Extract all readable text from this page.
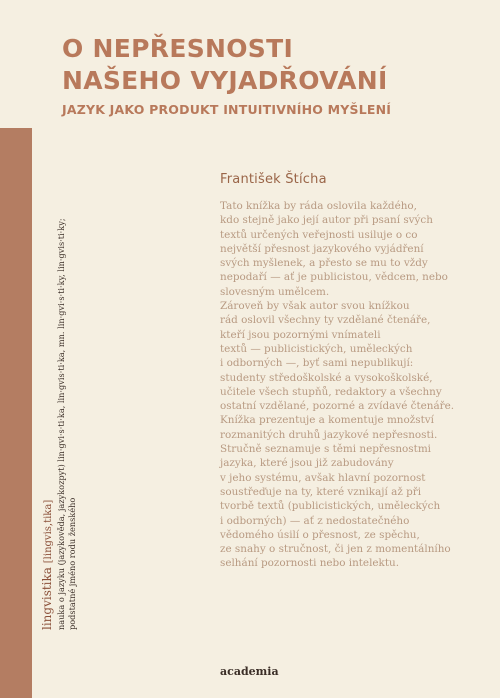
O NEPŘESNOSTI
NAŠEHO VYJADŘOVÁNÍ
JAZYK JAKO PRODUKT INTUITIVNÍHO MYŠLENÍ
lingvistika [lingvis,tika] nauka o jazyku (jazykověda, jazykozpyt) lin·gvi·s·ti·ka, lin·gvis·ti·ka, mn. lin·gvi·s·ti·ky, lin·gvis·ti·ky; podstatné jméno rodu ženského
František Štícha
Tato knížka by ráda oslovila každého,
kdo stejně jako její autor při psaní svých
textů určených veřejnosti usiluje o co
největší přesnost jazykového vyjádření
svých myšlenek, a přesto se mu to vždy
nepodaří — ať je publicistou, vědcem, nebo
slovesným umělcem.
Zároveň by však autor svou knížkou
rád oslovil všechny ty vzdělané čtenáře,
kteří jsou pozornými vnímateli
textů — publicistických, uměleckých
i odborných —, byť sami nepublikují:
studenty středoškolské a vysokoškolské,
učitele všech stupňů, redaktory a všechny
ostatní vzdělané, pozorné a zvídavé čtenáře.
Knížka prezentuje a komentuje množství
rozmanitých druhů jazykové nepřesnosti.
Stručně seznamuje s těmi nepřesnostmi
jazyka, které jsou již zabudovány
v jeho systému, avšak hlavní pozornost
soustřeďuje na ty, které vznikají až při
tvorbě textů (publicistických, uměleckých
i odborných) — ať z nedostatečného
vědomého úsilí o přesnost, ze spěchu,
ze snahy o stručnost, či jen z momentálního
selhání pozornosti nebo intelektu.
academia
